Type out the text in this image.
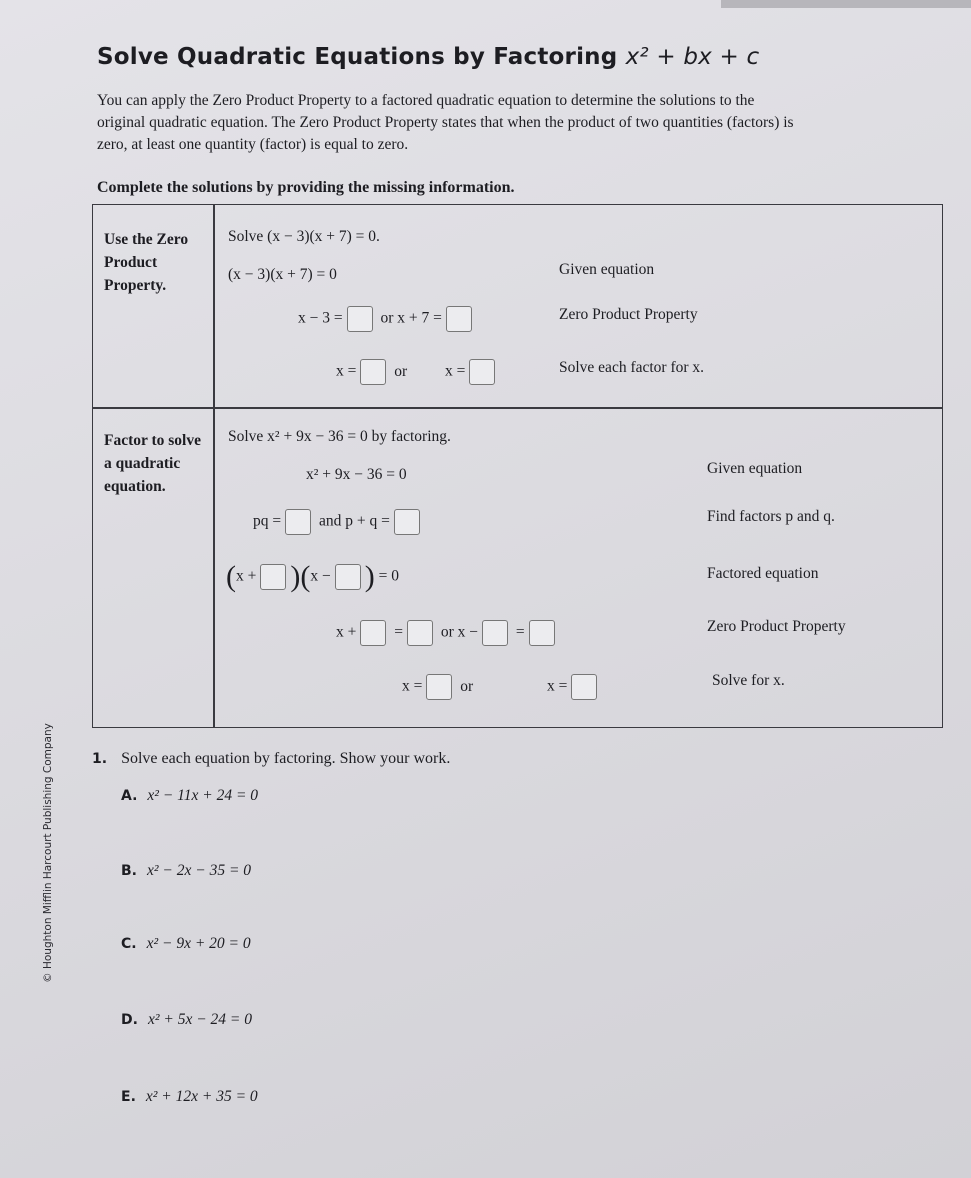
Solve Quadratic Equations by Factoring x² + bx + c
You can apply the Zero Product Property to a factored quadratic equation to determine the solutions to the original quadratic equation. The Zero Product Property states that when the product of two quantities (factors) is zero, at least one quantity (factor) is equal to zero.
Complete the solutions by providing the missing information.
Use the Zero Product Property.
Solve (x − 3)(x + 7) = 0.
(x − 3)(x + 7) = 0	Given equation
x − 3 = or x + 7 =	Zero Product Property
x = or x =	Solve each factor for x.
Factor to solve a quadratic equation.
Solve x² + 9x − 36 = 0 by factoring.
x² + 9x − 36 = 0	Given equation
pq = and p + q =	Find factors p and q.
(x + )(x − ) = 0	Factored equation
x + = or x − =	Zero Product Property
x = or	x =	Solve for x.
© Houghton Mifflin Harcourt Publishing Company	1. Solve each equation by factoring. Show your work.
A. x² − 11x + 24 = 0
B. x² − 2x − 35 = 0
C. x² − 9x + 20 = 0
D. x² + 5x − 24 = 0
E. x² + 12x + 35 = 0
